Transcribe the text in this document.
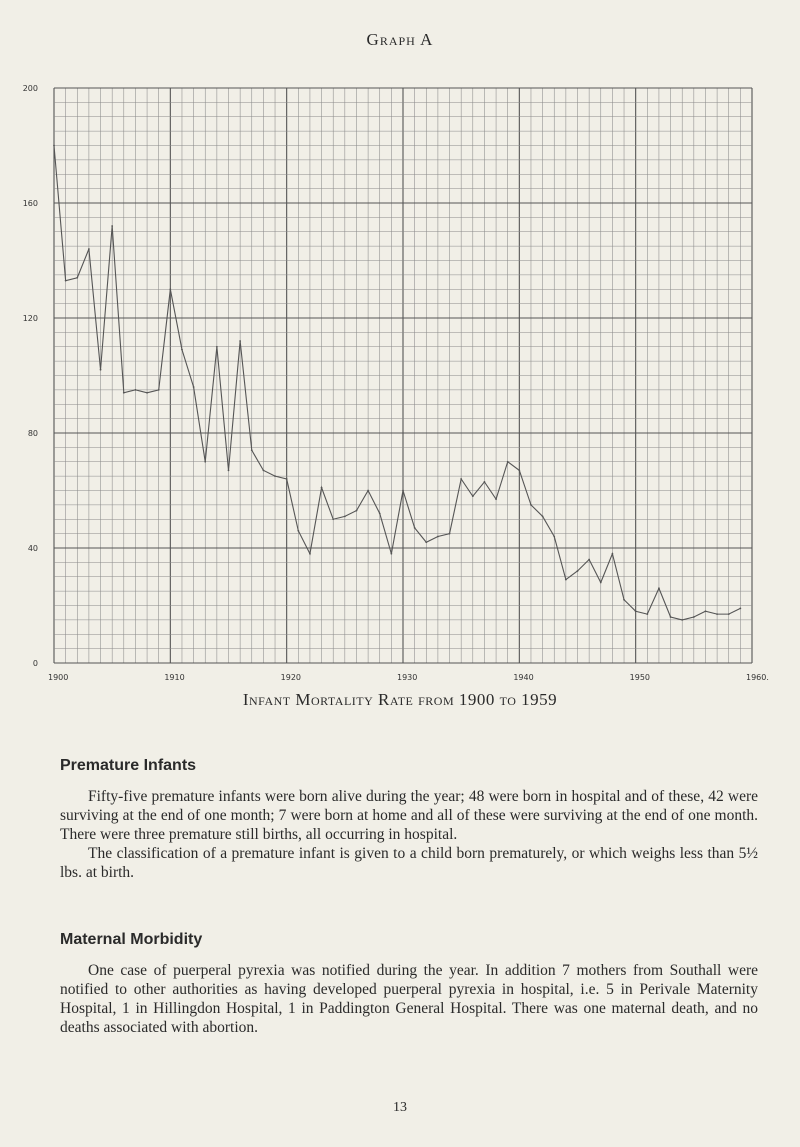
Graph A
0
40
80
120
160
200
1900	1910	1920	1930	1940	1950	1960.
Infant Mortality Rate from 1900 to 1959
Premature Infants

Fifty-five premature infants were born alive during the year; 48 were born in hospital and of these, 42 were surviving at the end of one month; 7 were born at home and all of these were surviving at the end of one month. There were three premature still births, all occurring in hospital.

The classification of a premature infant is given to a child born prematurely, or which weighs less than 5½ lbs. at birth.

Maternal Morbidity

One case of puerperal pyrexia was notified during the year. In addition 7 mothers from Southall were notified to other authorities as having developed puerperal pyrexia in hospital, i.e. 5 in Perivale Maternity Hospital, 1 in Hillingdon Hospital, 1 in Paddington General Hospital. There was one maternal death, and no deaths associated with abortion.

13
